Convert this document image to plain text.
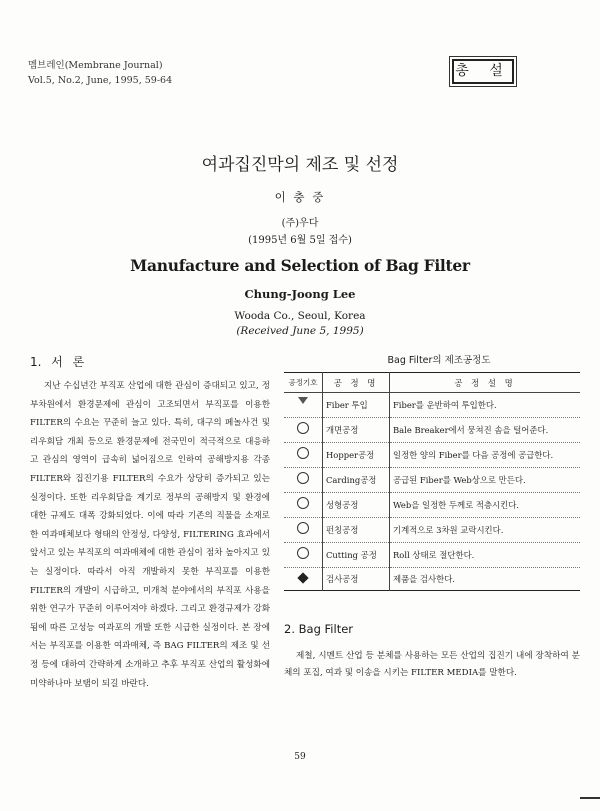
멤브레인(Membrane Journal)
Vol.5, No.2, June, 1995, 59-64
총 설
여과집진막의 제조 및 선정
이 충 중
(주)우다
(1995년 6월 5일 접수)
Manufacture and Selection of Bag Filter
Chung-Joong Lee
Wooda Co., Seoul, Korea
(Received June 5, 1995)
1. 서 론

지난 수십년간 부직포 산업에 대한 관심이 증대되고 있고, 정부차원에서 환경문제에 관심이 고조되면서 부직포를 이용한 FILTER의 수요는 꾸준히 늘고 있다. 특히, 대구의 페놀사건 및 리우회담 개최 등으로 환경문제에 전국민이 적극적으로 대응하고 관심의 영역이 급속히 넓어짐으로 인하여 공해방지용 각종 FILTER와 집진기용 FILTER의 수요가 상당히 증가되고 있는 실정이다. 또한 리우회담을 계기로 정부의 공해방지 및 환경에 대한 규제도 대폭 강화되었다. 이에 따라 기존의 직물을 소재로 한 여과매체보다 형태의 안정성, 다양성, FILTERING 효과에서 앞서고 있는 부직포의 여과매체에 대한 관심이 점차 높아지고 있는 실정이다. 따라서 아직 개발하지 못한 부직포를 이용한 FILTER의 개발이 시급하고, 미개척 분야에서의 부직포 사용을 위한 연구가 꾸준히 이루어져야 하겠다. 그리고 환경규제가 강화됨에 따른 고성능 여과포의 개발 또한 시급한 실정이다. 본 장에서는 부직포를 이용한 여과매체, 즉 BAG FILTER의 제조 및 선정 등에 대하여 간략하게 소개하고 추후 부직포 산업의 활성화에 미약하나마 보탬이 되길 바란다.

Bag Filter의 제조공정도
공정기호	공 정 명	공 정 설 명
	Fiber 투입	Fiber를 운반하여 투입한다.
	개면공정	Bale Breaker에서 뭉쳐진 솜을 털어준다.
	Hopper공정	일정한 양의 Fiber를 다음 공정에 공급한다.
	Carding공정	공급된 Fiber를 Web상으로 만든다.
	성형공정	Web을 일정한 두께로 적층시킨다.
	펀칭공정	기계적으로 3차원 교락시킨다.
	Cutting 공정	Roll 상태로 절단한다.
	검사공정	제품을 검사한다.
2. Bag Filter

제철, 시멘트 산업 등 분체를 사용하는 모든 산업의 집진기 내에 장착하여 분체의 포집, 여과 및 이송을 시키는 FILTER MEDIA를 말한다.

59
